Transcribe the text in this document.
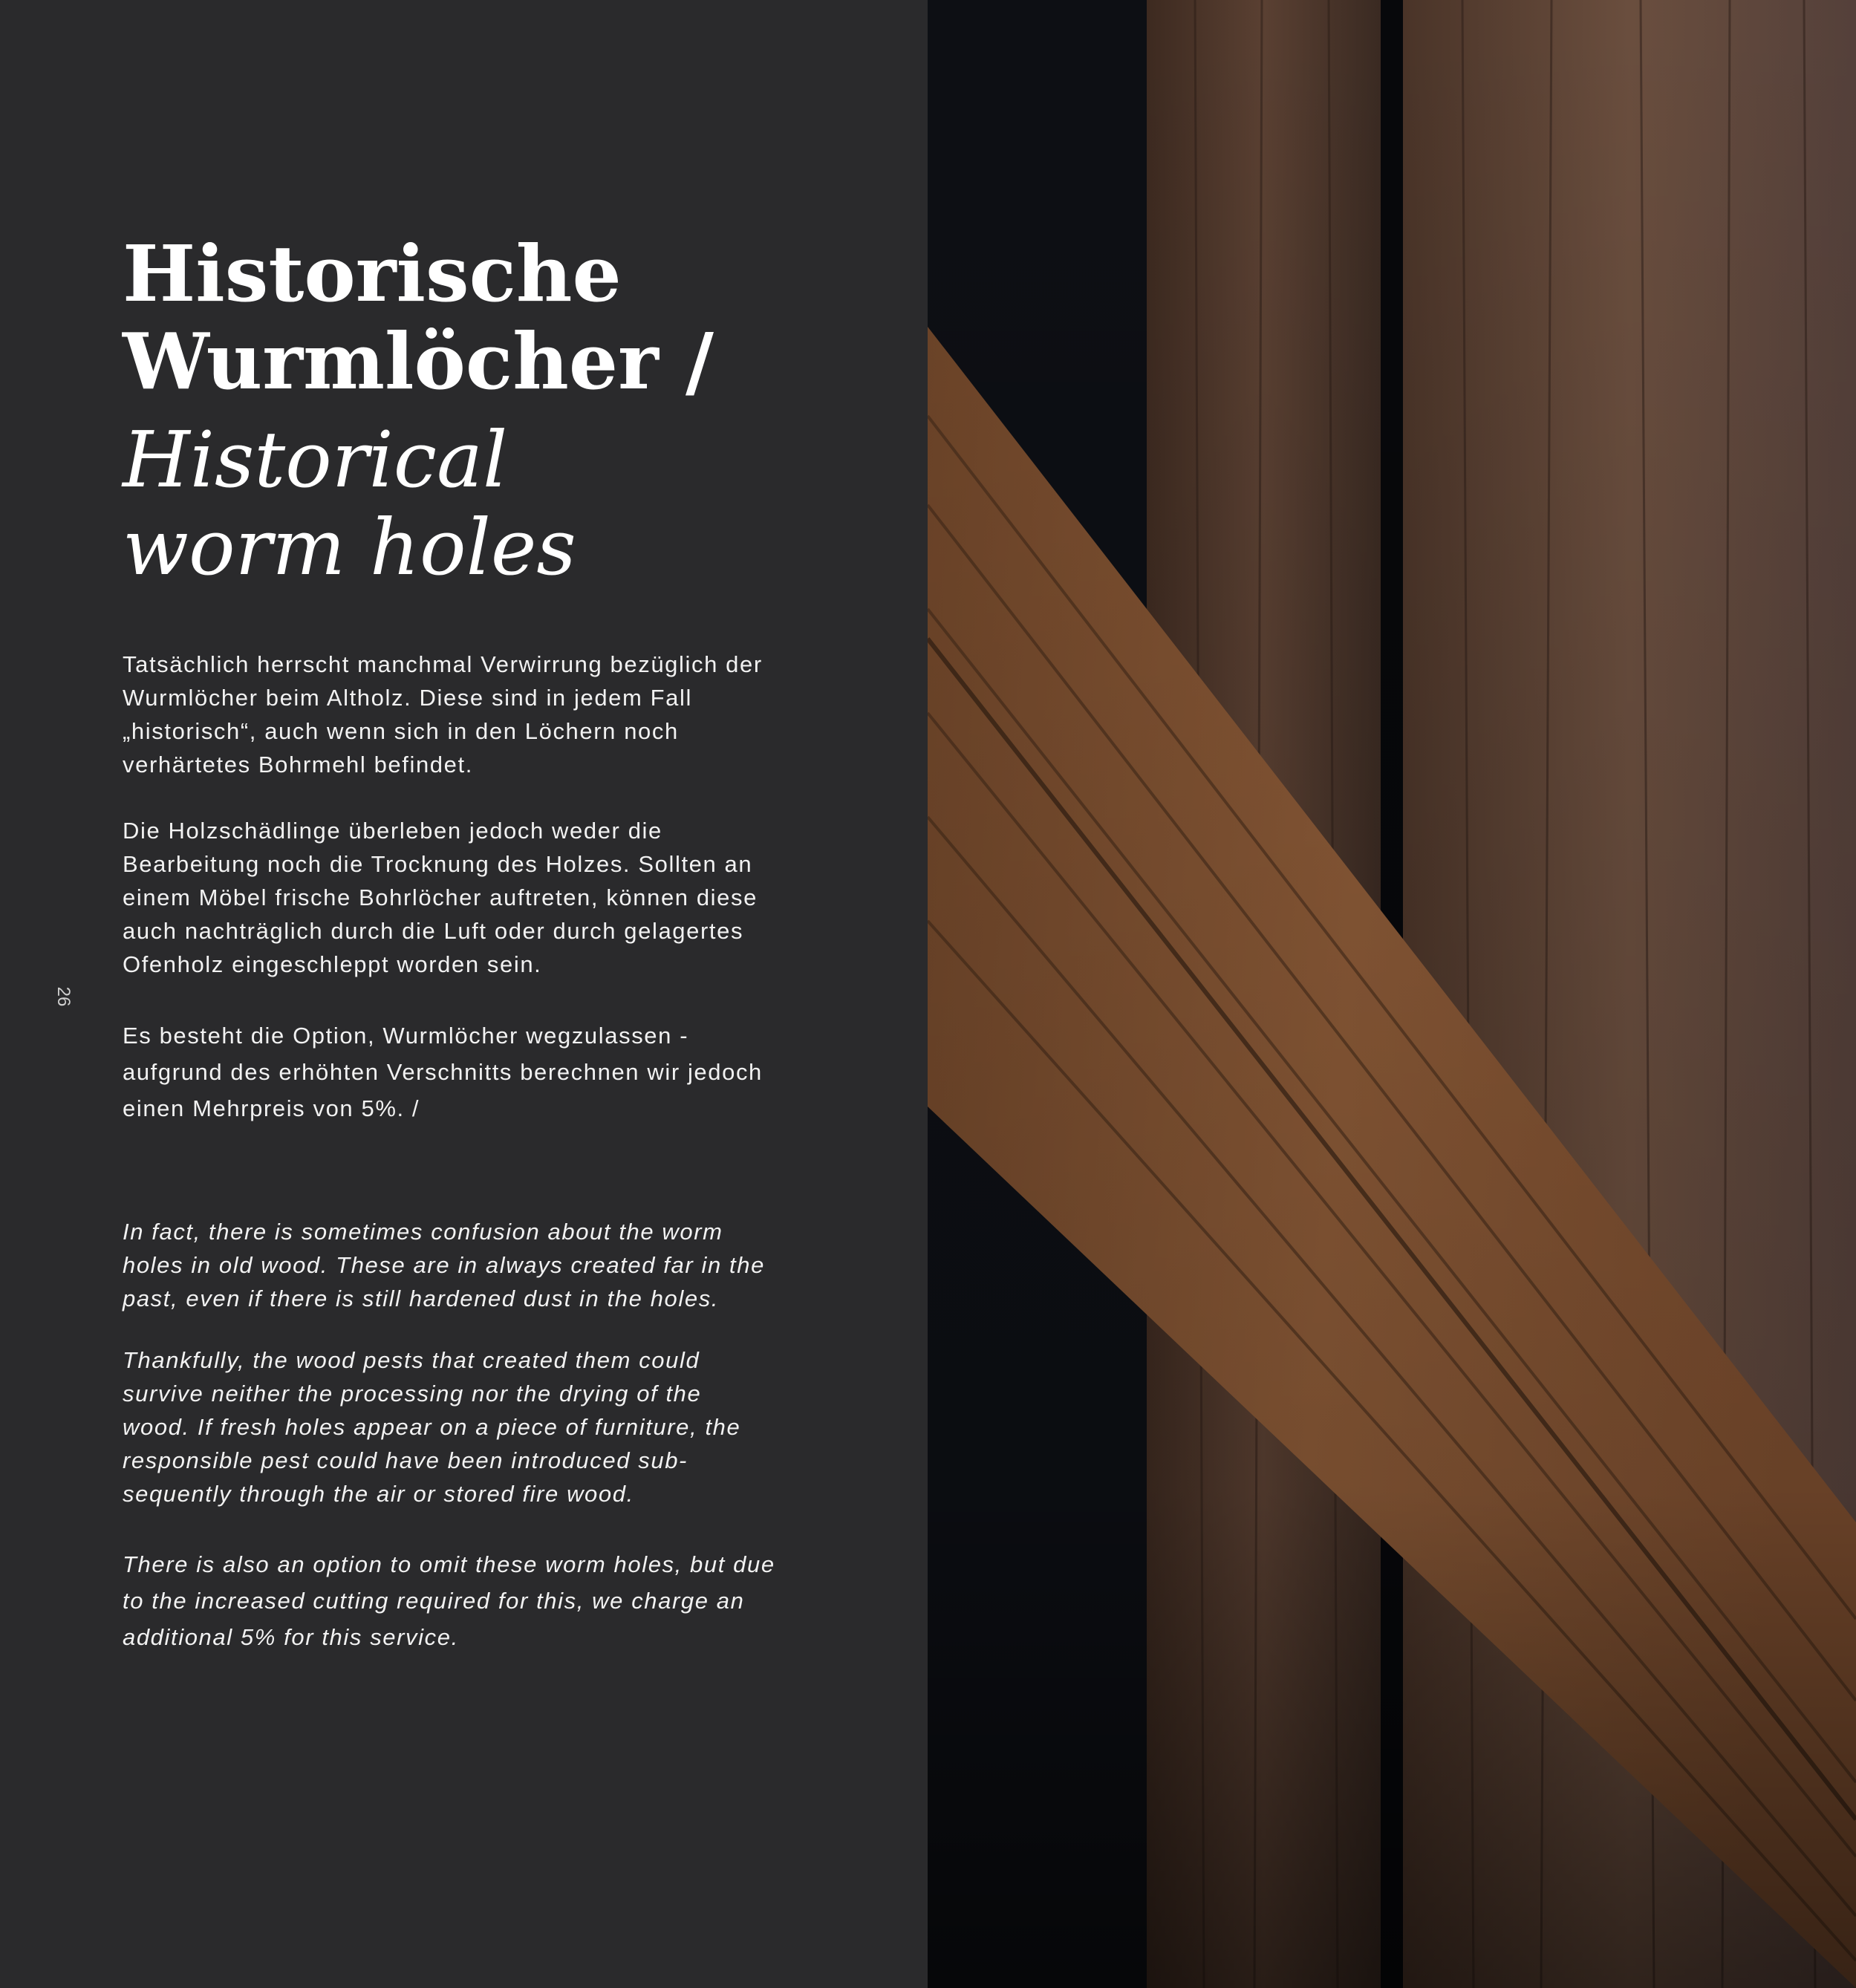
Historische
Wurmlöcher /
Historical
worm holes

Tatsächlich herrscht manchmal Verwirrung bezüglich der
Wurmlöcher beim Altholz. Diese sind in jedem Fall
„historisch“, auch wenn sich in den Löchern noch
verhärtetes Bohrmehl befindet.

Die Holzschädlinge überleben jedoch weder die
Bearbeitung noch die Trocknung des Holzes. Sollten an
einem Möbel frische Bohrlöcher auftreten, können diese
auch nachträglich durch die Luft oder durch gelagertes
Ofenholz eingeschleppt worden sein.

Es besteht die Option, Wurmlöcher wegzulassen -
aufgrund des erhöhten Verschnitts berechnen wir jedoch
einen Mehrpreis von 5%. /

In fact, there is sometimes confusion about the worm
holes in old wood. These are in always created far in the
past, even if there is still hardened dust in the holes.

Thankfully, the wood pests that created them could
survive neither the processing nor the drying of the
wood. If fresh holes appear on a piece of furniture, the
responsible pest could have been introduced sub-
sequently through the air or stored fire wood.

There is also an option to omit these worm holes, but due
to the increased cutting required for this, we charge an
additional 5% for this service.

26
